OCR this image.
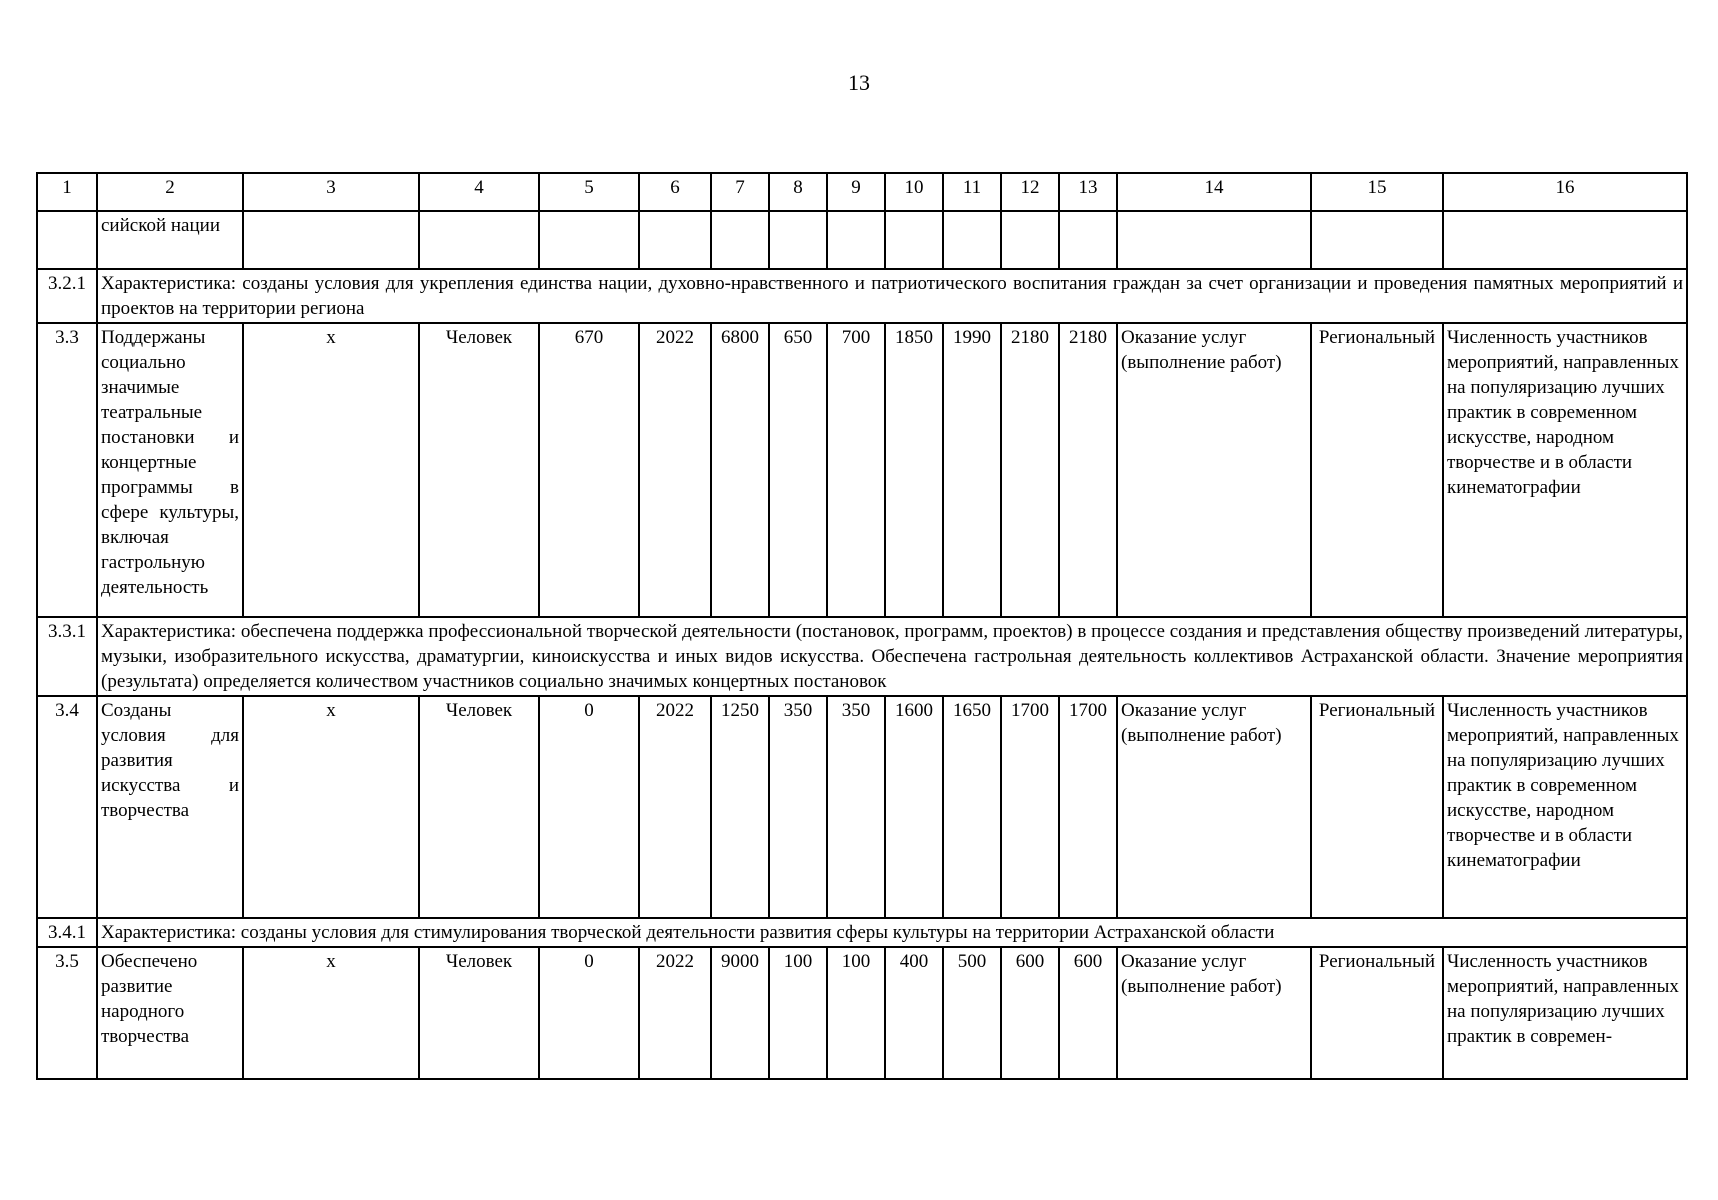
13
1	2	3	4	5	6	7	8	9	10	11	12	13	14	15	16
	сийской нации														
3.2.1	Характеристика: созданы условия для укрепления единства нации, духовно-нравственного и патриотического воспитания граждан за счет организации и проведения памятных мероприятий и проектов на территории региона														
3.3	Поддержаны социально значимые театральные постановки и концертные программы в сфере культуры, включая гастрольную деятельность	х	Человек	670	2022	6800	650	700	1850	1990	2180	2180	Оказание услуг (выполнение работ)	Региональный	Численность участников мероприятий, направленных на популяризацию лучших практик в современном искусстве, народном творчестве и в области кинематографии
3.3.1	Характеристика: обеспечена поддержка профессиональной творческой деятельности (постановок, программ, проектов) в процессе создания и представления обществу произведений литературы, музыки, изобразительного искусства, драматургии, киноискусства и иных видов искусства. Обеспечена гастрольная деятельность коллективов Астраханской области. Значение мероприятия (результата) определяется количеством участников социально значимых концертных постановок														
3.4	Созданы условия для развития искусства и творчества	х	Человек	0	2022	1250	350	350	1600	1650	1700	1700	Оказание услуг (выполнение работ)	Региональный	Численность участников мероприятий, направленных на популяризацию лучших практик в современном искусстве, народном творчестве и в области кинематографии
3.4.1	Характеристика: созданы условия для стимулирования творческой деятельности развития сферы культуры на территории Астраханской области														
3.5	Обеспечено развитие народного творчества	х	Человек	0	2022	9000	100	100	400	500	600	600	Оказание услуг (выполнение работ)	Региональный	Численность участников мероприятий, направленных на популяризацию лучших практик в современ-
